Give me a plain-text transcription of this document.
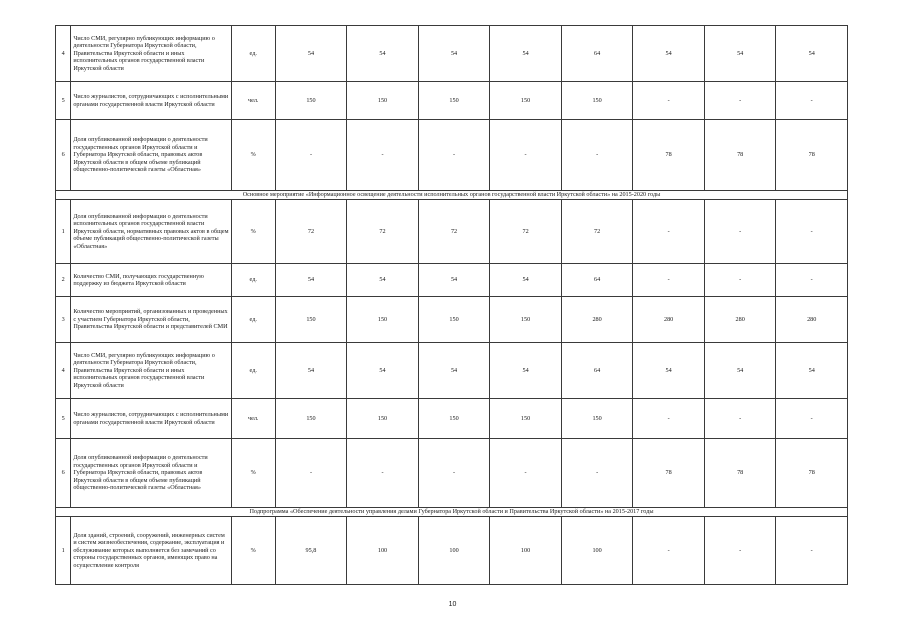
4	Число СМИ, регулярно публикующих информацию о деятельности Губернатора Иркутской области, Правительства Иркутской области и иных исполнительных органов государственной власти Иркутской области	ед.	54	54	54	54	64	54	54	54
5	Число журналистов, сотрудничающих с исполнительными органами государственной власти Иркутской области	чел.	150	150	150	150	150	-	-	-
6	Доля опубликованной информации о деятельности государственных органов Иркутской области и Губернатора Иркутской области, правовых актов Иркутской области в общем объеме публикаций общественно-политической газеты «Областная»	%	-	-	-	-	-	78	78	78
Основное мероприятие «Информационное освещение деятельности исполнительных органов государственной власти Иркутской области» на 2015-2020 годы										
1	Доля опубликованной информации о деятельности исполнительных органов государственной власти Иркутской области, нормативных правовых актов в общем объеме публикаций общественно-политической газеты «Областная»	%	72	72	72	72	72	-	-	-
2	Количество СМИ, получающих государственную поддержку из бюджета Иркутской области	ед.	54	54	54	54	64	-	-	-
3	Количество мероприятий, организованных и проведенных с участием Губернатора Иркутской области, Правительства Иркутской области и представителей СМИ	ед.	150	150	150	150	280	280	280	280
4	Число СМИ, регулярно публикующих информацию о деятельности Губернатора Иркутской области, Правительства Иркутской области и иных исполнительных органов государственной власти Иркутской области	ед.	54	54	54	54	64	54	54	54
5	Число журналистов, сотрудничающих с исполнительными органами государственной власти Иркутской области	чел.	150	150	150	150	150	-	-	-
6	Доля опубликованной информации о деятельности государственных органов Иркутской области и Губернатора Иркутской области, правовых актов Иркутской области в общем объеме публикаций общественно-политической газеты «Областная»	%	-	-	-	-	-	78	78	78
Подпрограмма «Обеспечение деятельности управления делами Губернатора Иркутской области и Правительства Иркутской области» на 2015-2017 годы										
1	Доля зданий, строений, сооружений, инженерных систем и систем жизнеобеспечения, содержание, эксплуатация и обслуживание которых выполняется без замечаний со стороны государственных органов, имеющих право на осуществление контроля	%	95,8	100	100	100	100	-	-	-
10
